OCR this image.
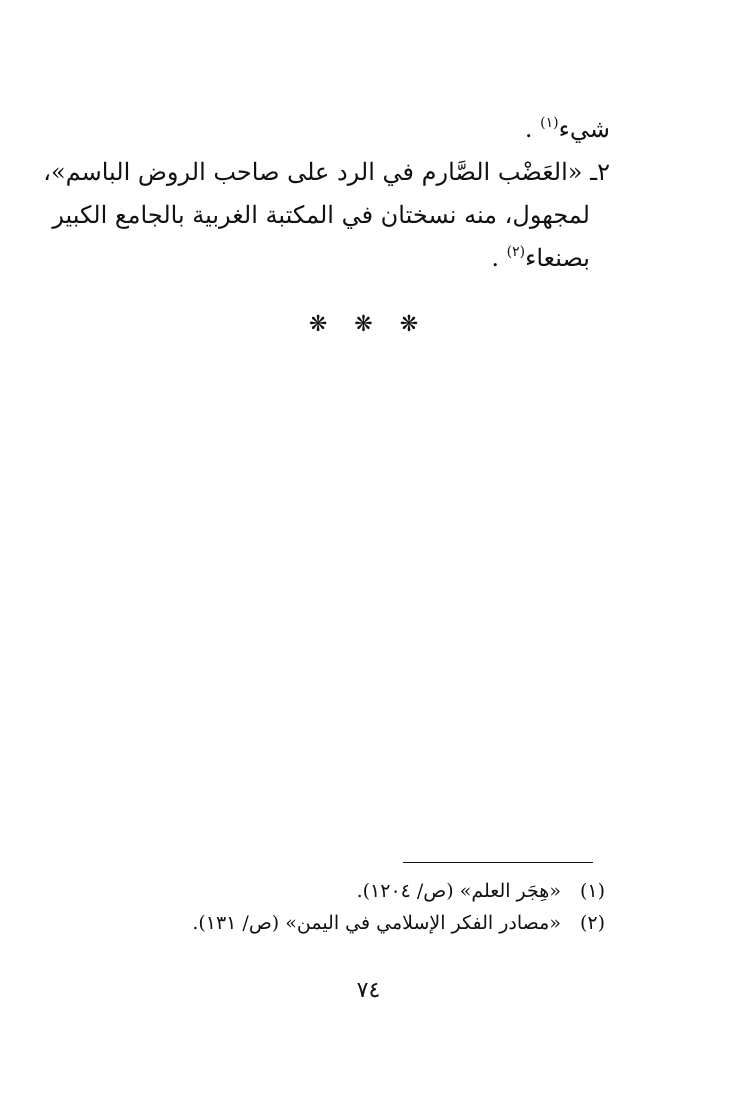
شيء$^{(١)}$ .
٢ـ «العَضْب الصَّارم في الرد على صاحب الروض الباسم»،
لمجهول، منه نسختان في المكتبة الغربية بالجامع الكبير
بصنعاء$^{(٢)}$ .
❋ ❋ ❋
(١) «هِجَر العلم» (ص/ ١٢٠٤).
(٢) «مصادر الفكر الإسلامي في اليمن» (ص/ ١٣١).
٧٤
